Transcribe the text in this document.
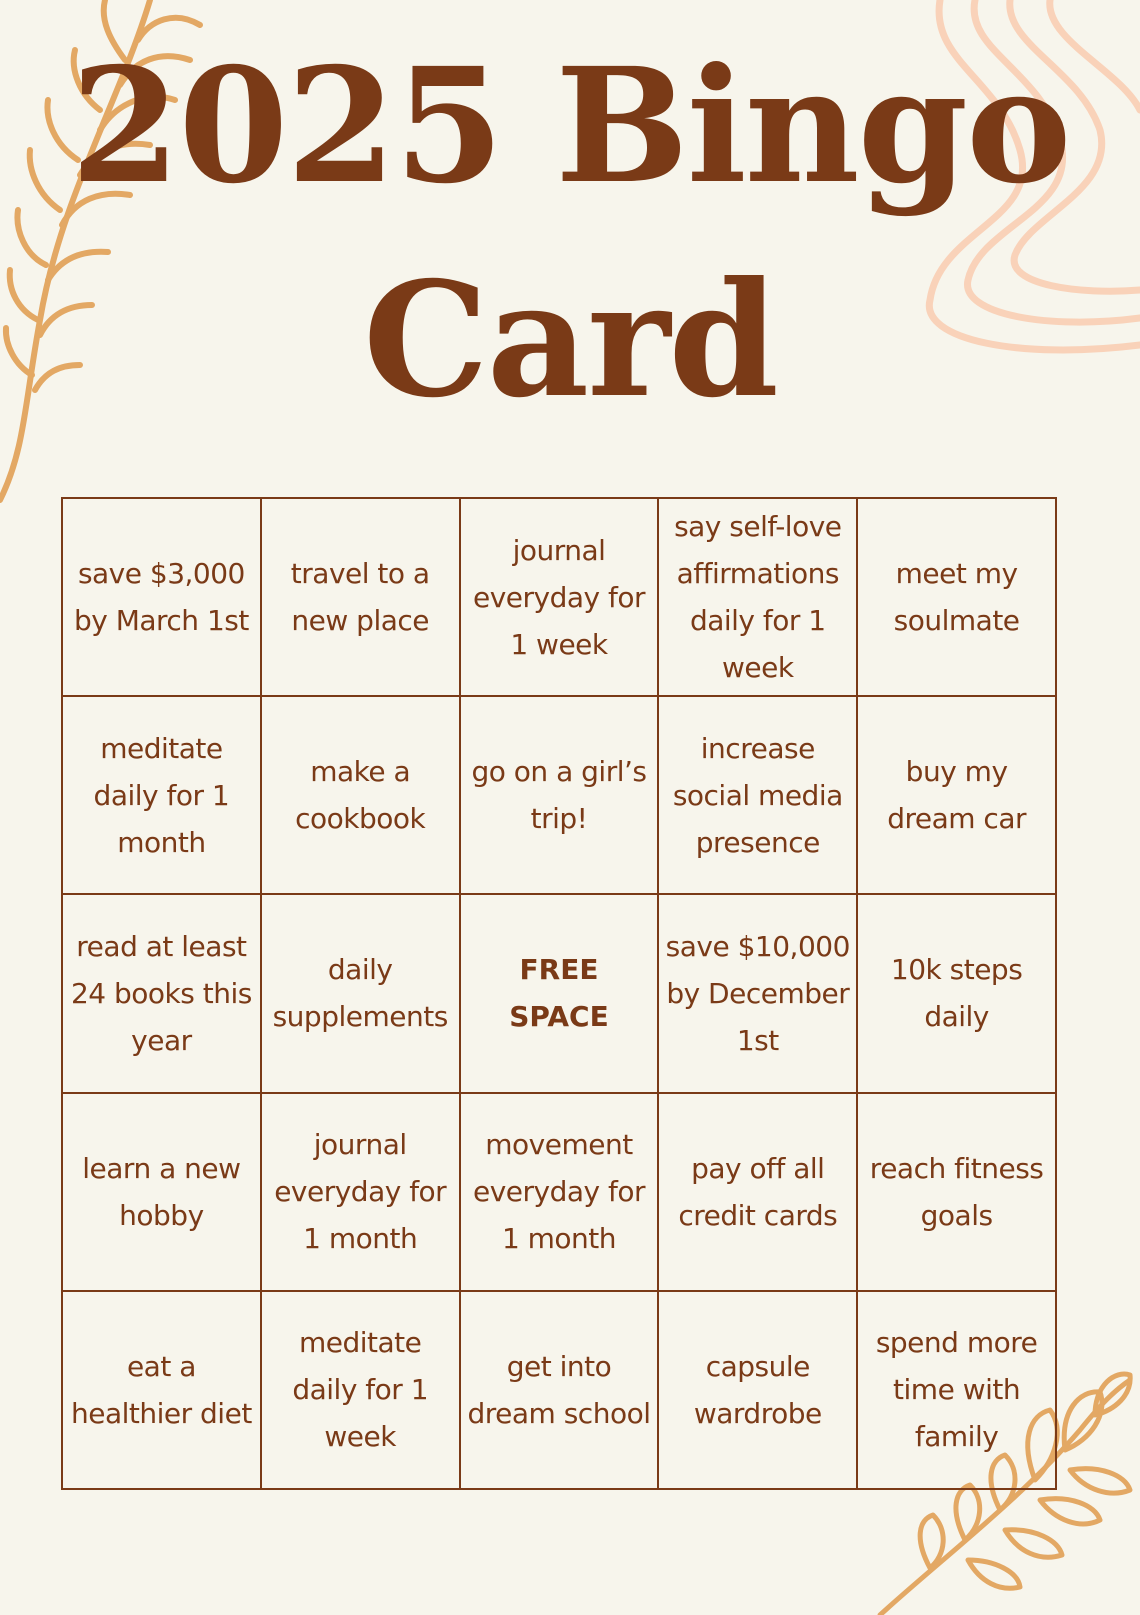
2025 Bingo
Card
save $3,000 by March 1st
travel to a new place
journal everyday for 1 week
say self-love affirmations daily for 1 week
meet my soulmate
meditate daily for 1 month
make a cookbook
go on a girl’s trip!
increase social media presence
buy my dream car
read at least 24 books this year
daily supplements
FREE SPACE
save $10,000 by December 1st
10k steps daily
learn a new hobby
journal everyday for 1 month
movement everyday for 1 month
pay off all credit cards
reach fitness goals
eat a healthier diet
meditate daily for 1 week
get into dream school
capsule wardrobe
spend more time with family
